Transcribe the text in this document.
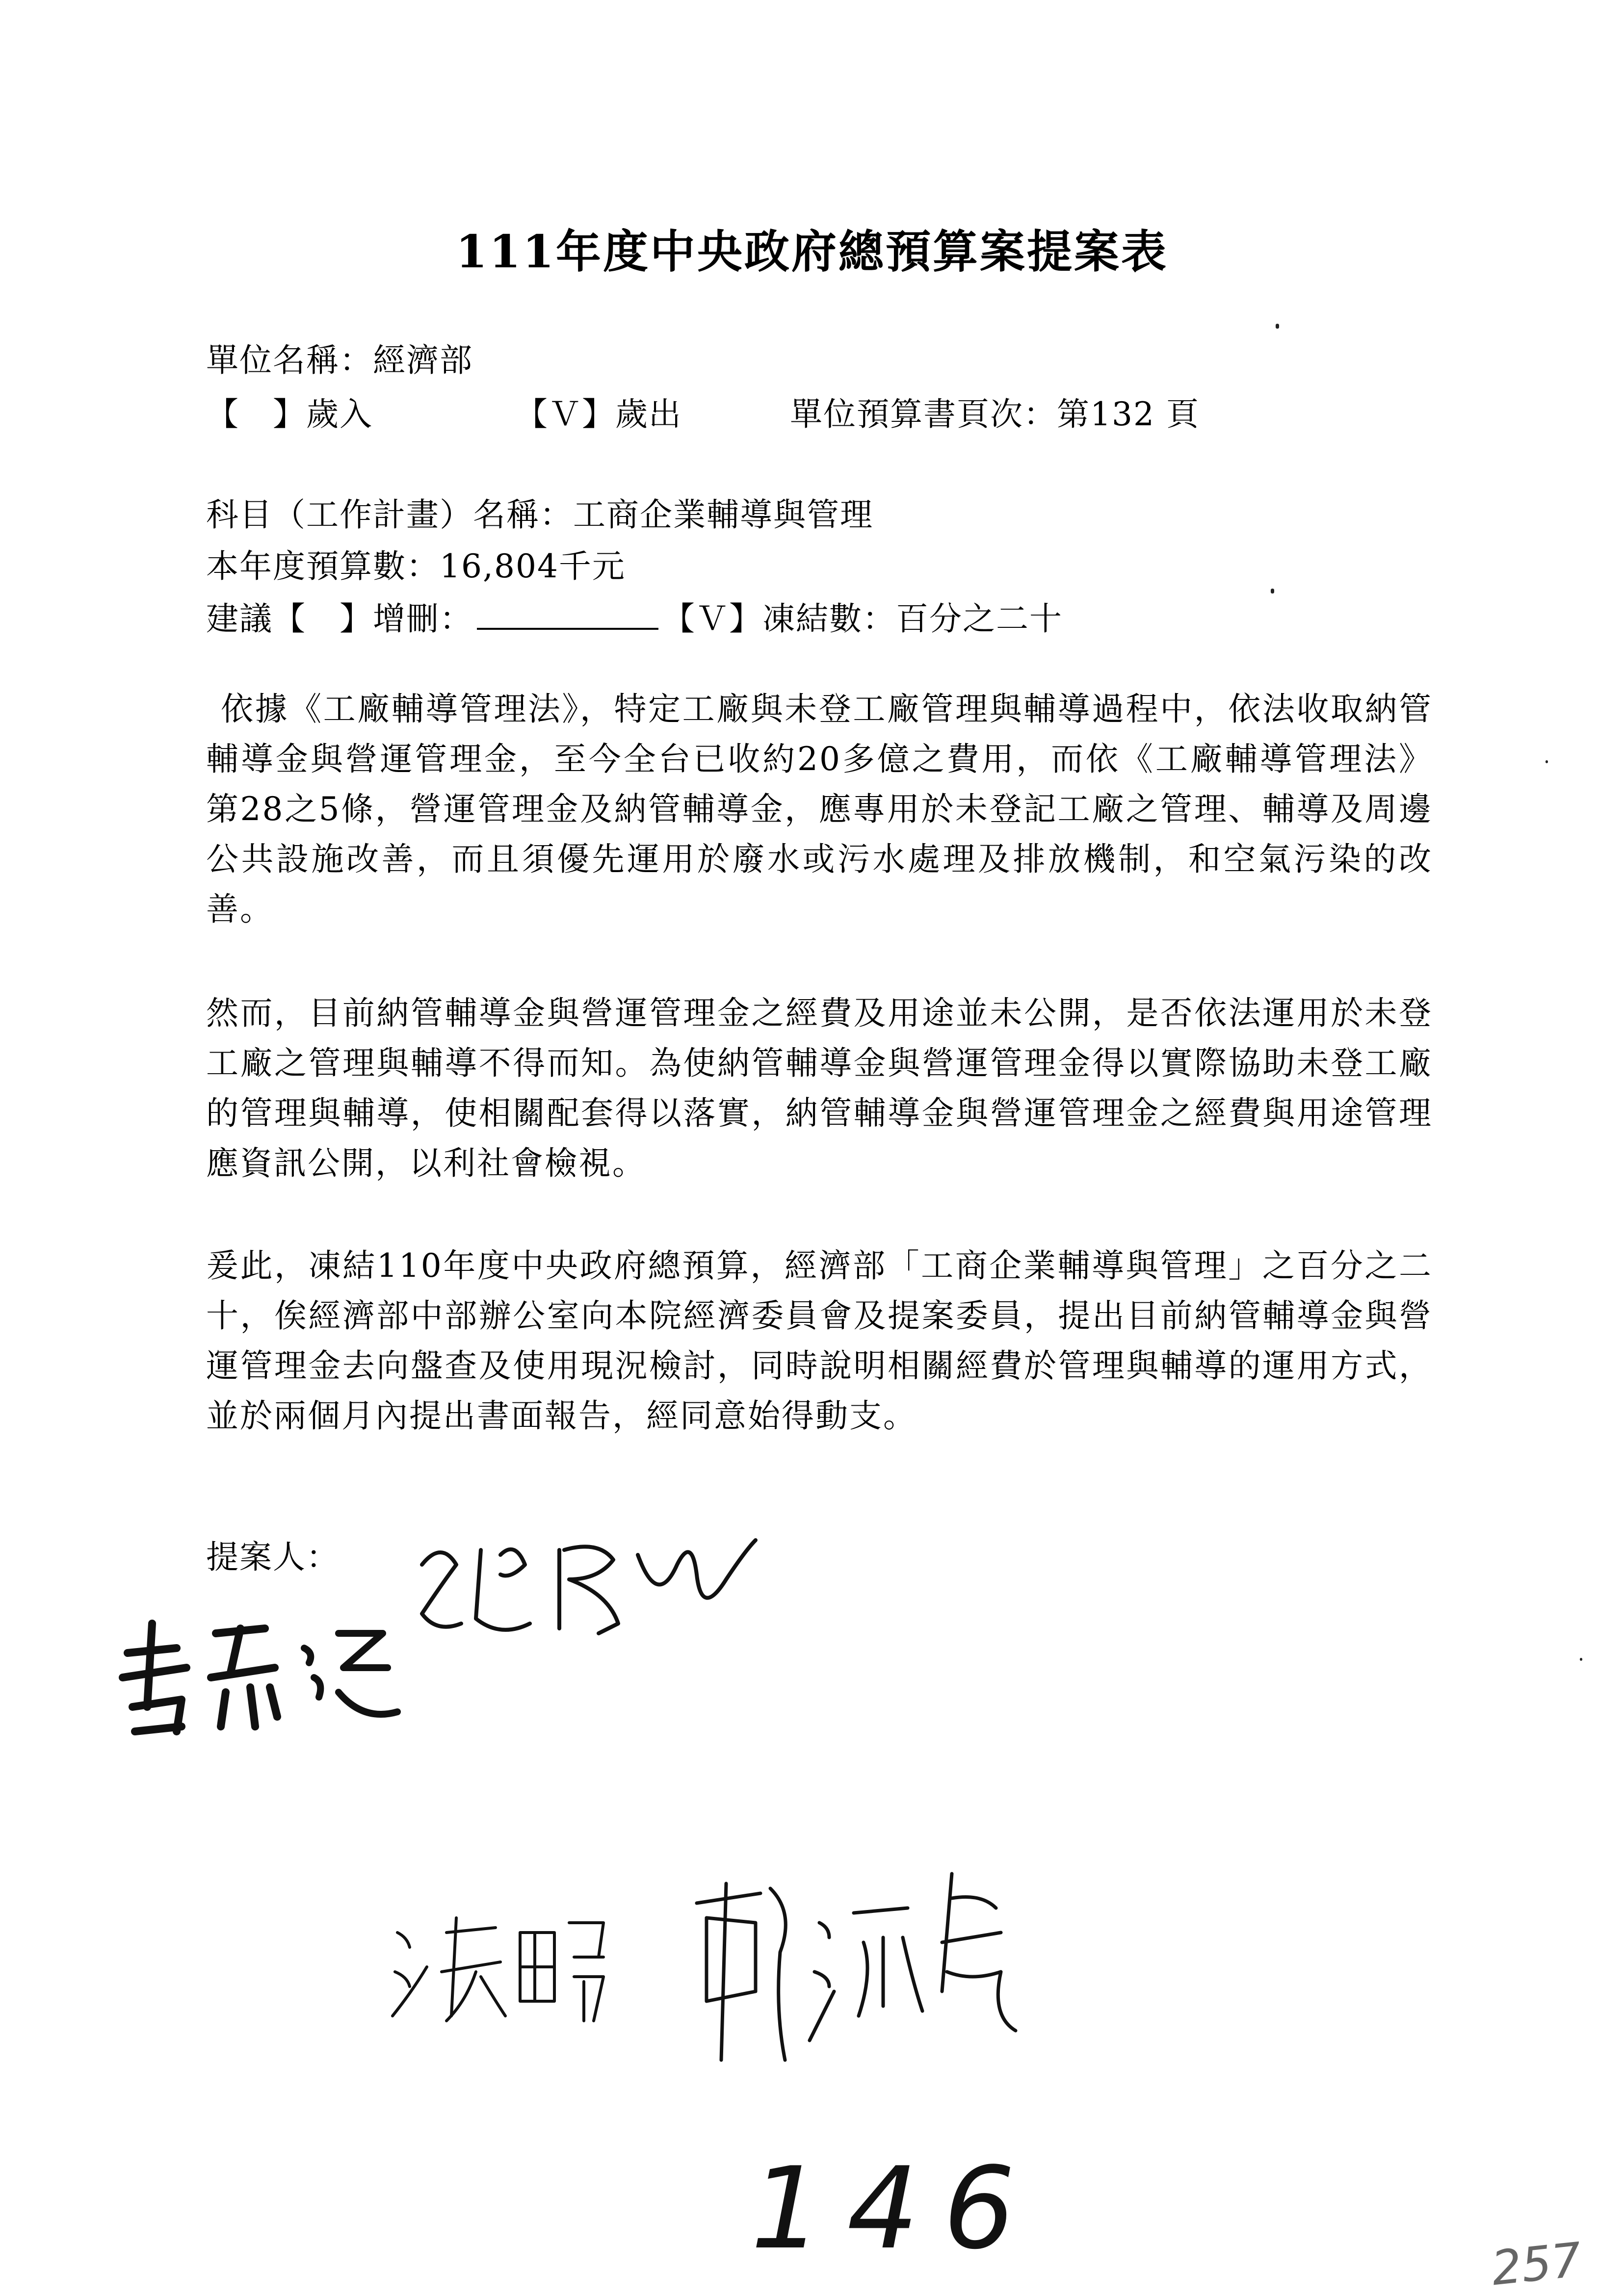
111年度中央政府總預算案提案表
單位名稱：經濟部
【　】歲入	【Ｖ】歲出	單位預算書頁次：第132 頁
科目（工作計畫）名稱：工商企業輔導與管理
本年度預算數：16,804千元
建議【　】增刪：	【Ｖ】凍結數：百分之二十
依據《工廠輔導管理法》，特定工廠與未登工廠管理與輔導過程中，依法收取納管輔導金與營運管理金，至今全台已收約20多億之費用，而依《工廠輔導管理法》第28之5條，營運管理金及納管輔導金，應專用於未登記工廠之管理、輔導及周邊公共設施改善，而且須優先運用於廢水或污水處理及排放機制，和空氣污染的改善。
然而，目前納管輔導金與營運管理金之經費及用途並未公開，是否依法運用於未登工廠之管理與輔導不得而知。為使納管輔導金與營運管理金得以實際協助未登工廠的管理與輔導，使相關配套得以落實，納管輔導金與營運管理金之經費與用途管理應資訊公開，以利社會檢視。
爰此，凍結110年度中央政府總預算，經濟部「工商企業輔導與管理」之百分之二十，俟經濟部中部辦公室向本院經濟委員會及提案委員，提出目前納管輔導金與營運管理金去向盤查及使用現況檢討，同時說明相關經費於管理與輔導的運用方式，並於兩個月內提出書面報告，經同意始得動支。
提案人：
146	257
